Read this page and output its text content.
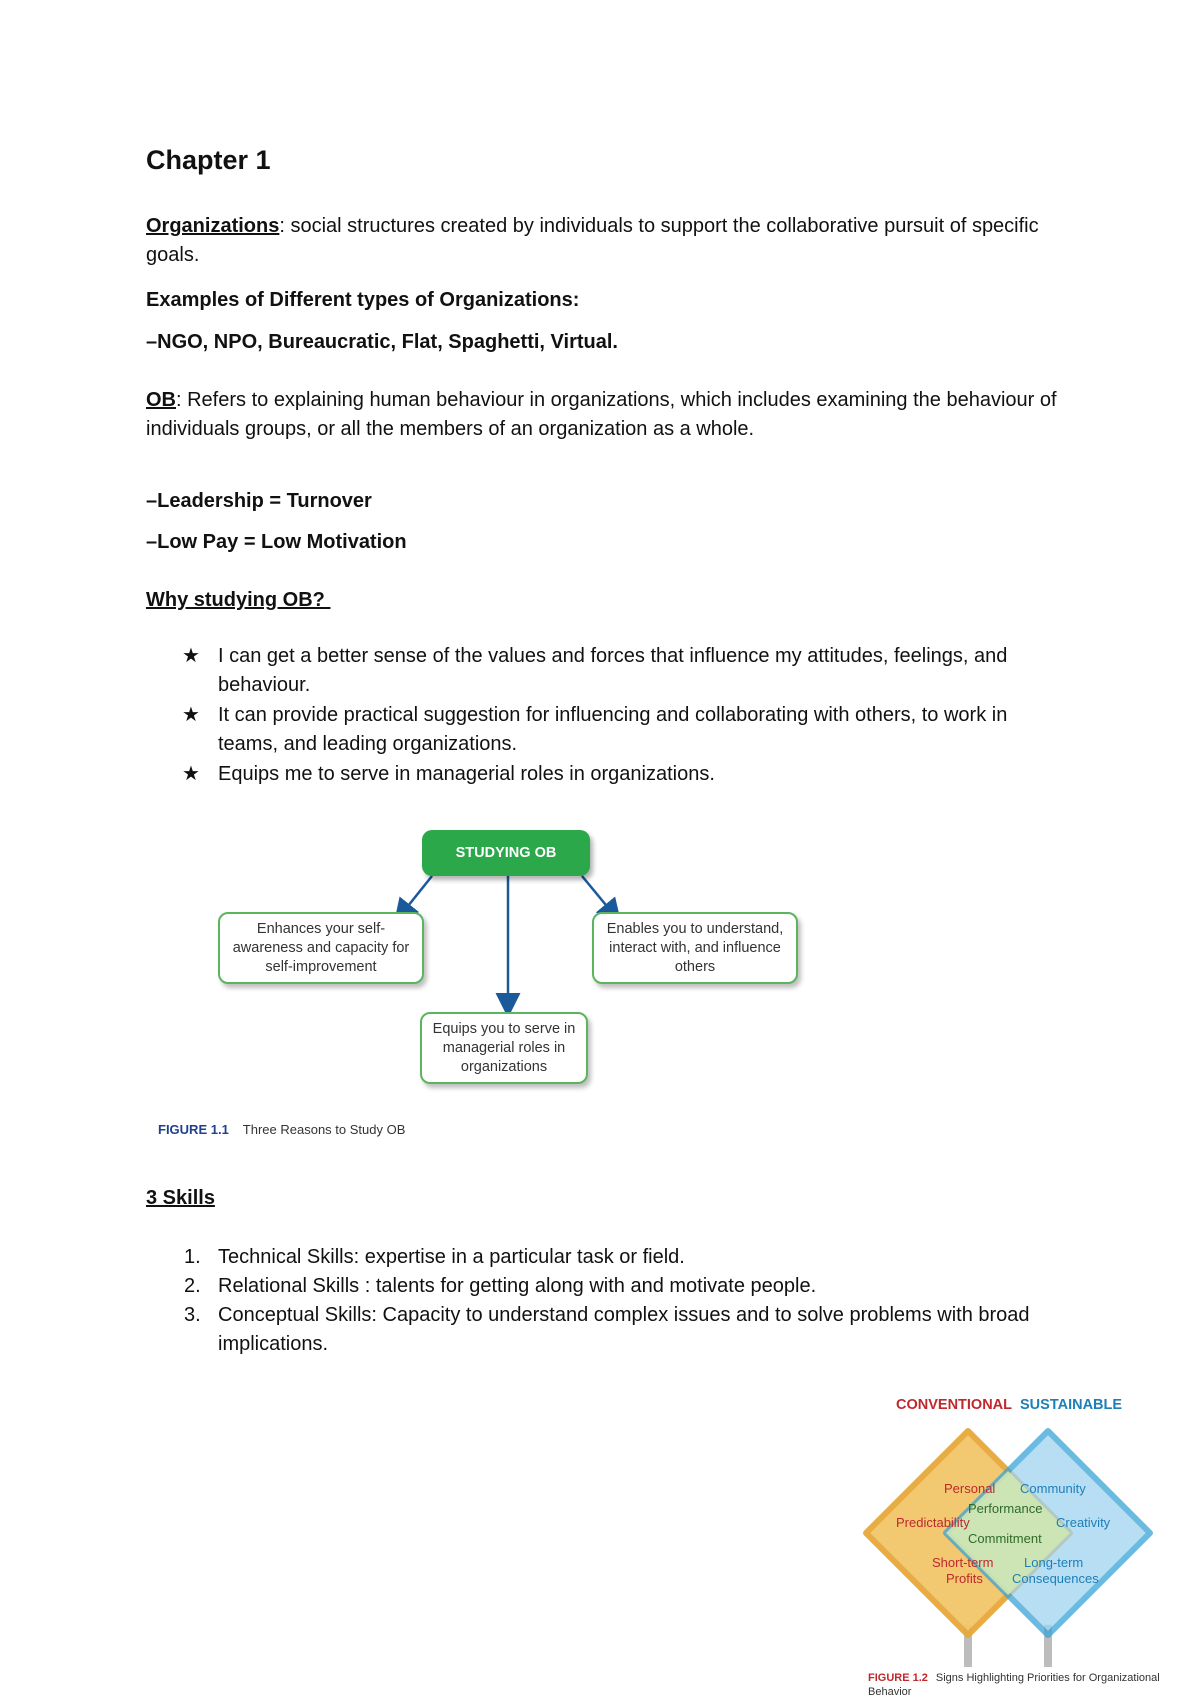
Chapter 1

Organizations: social structures created by individuals to support the collaborative pursuit of specific goals.

Examples of Different types of Organizations:
–NGO, NPO, Bureaucratic, Flat, Spaghetti, Virtual.

OB: Refers to explaining human behaviour in organizations, which includes examining the behaviour of individuals groups, or all the members of an organization as a whole.

–Leadership = Turnover
–Low Pay = Low Motivation
Why studying OB?
★ I can get a better sense of the values and forces that influence my attitudes, feelings, and behaviour.
★ It can provide practical suggestion for influencing and collaborating with others, to work in teams, and leading organizations.
★ Equips me to serve in managerial roles in organizations.
STUDYING OB
Enhances your self-awareness and capacity for self-improvement
Enables you to understand, interact with, and influence others
Equips you to serve in managerial roles in organizations
FIGURE 1.1 Three Reasons to Study OB
3 Skills
1. Technical Skills: expertise in a particular task or field.
2. Relational Skills : talents for getting along with and motivate people.
3. Conceptual Skills: Capacity to understand complex issues and to solve problems with broad implications.
CONVENTIONAL SUSTAINABLE
Personal
Predictability
Short-term
Profits
Performance
Commitment
Community
Creativity
Long-term
Consequences
FIGURE 1.2 Signs Highlighting Priorities for Organizational Behavior
